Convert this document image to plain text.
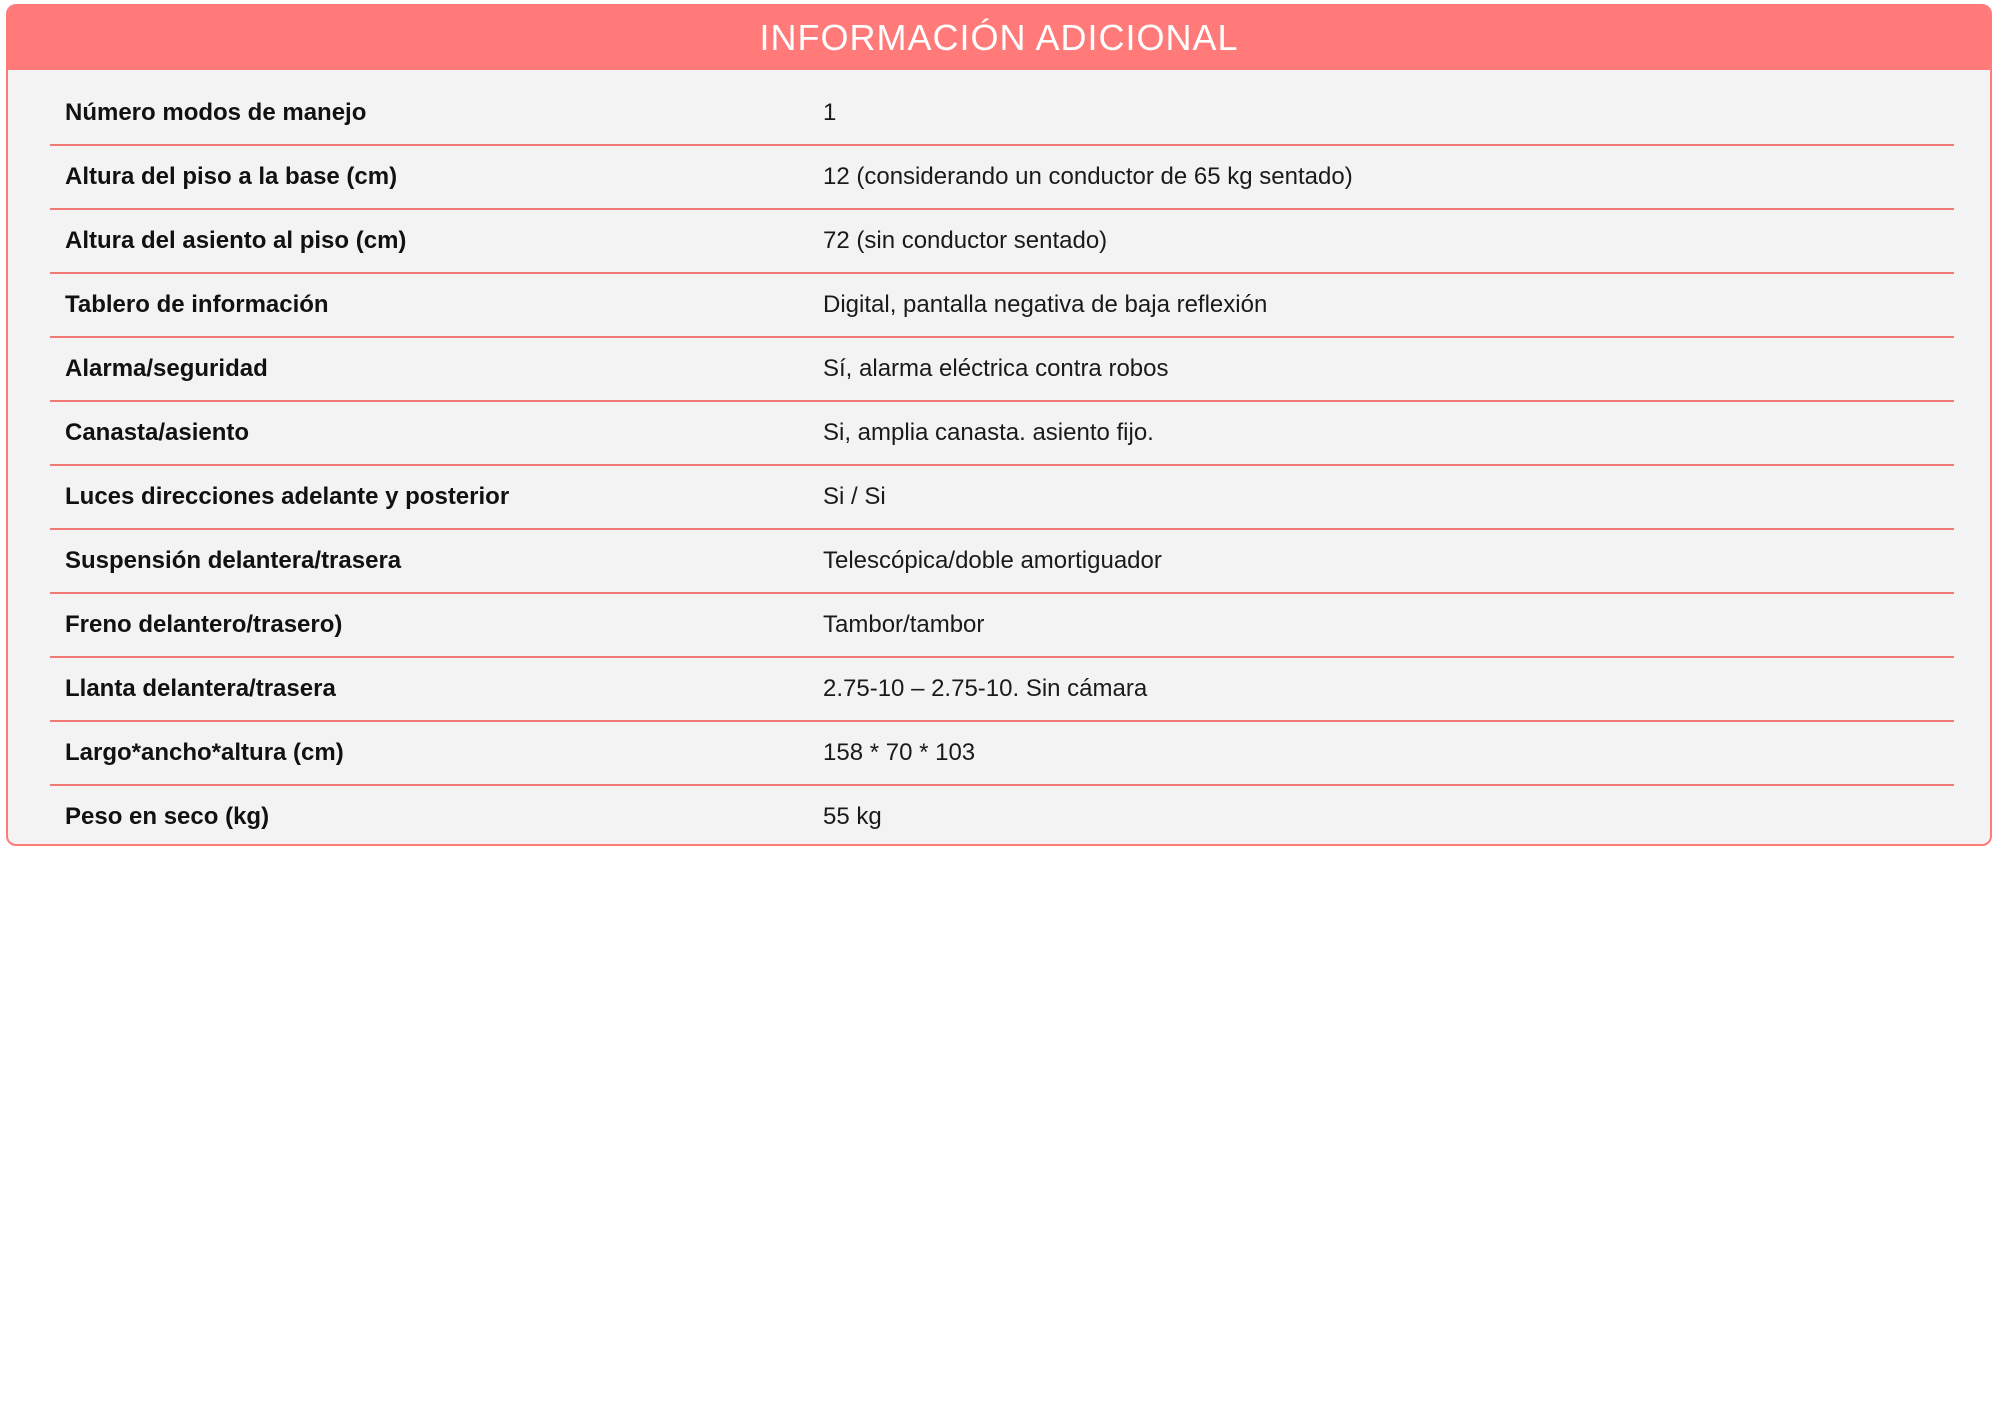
INFORMACIÓN ADICIONAL
Número modos de manejo	1
Altura del piso a la base (cm)	12 (considerando un conductor de 65 kg sentado)
Altura del asiento al piso (cm)	72 (sin conductor sentado)
Tablero de información	Digital, pantalla negativa de baja reflexión
Alarma/seguridad	Sí, alarma eléctrica contra robos
Canasta/asiento	Si, amplia canasta. asiento fijo.
Luces direcciones adelante y posterior	Si / Si
Suspensión delantera/trasera	Telescópica/doble amortiguador
Freno delantero/trasero)	Tambor/tambor
Llanta delantera/trasera	2.75-10 – 2.75-10. Sin cámara
Largo*ancho*altura (cm)	158 * 70 * 103
Peso en seco (kg)	55 kg
